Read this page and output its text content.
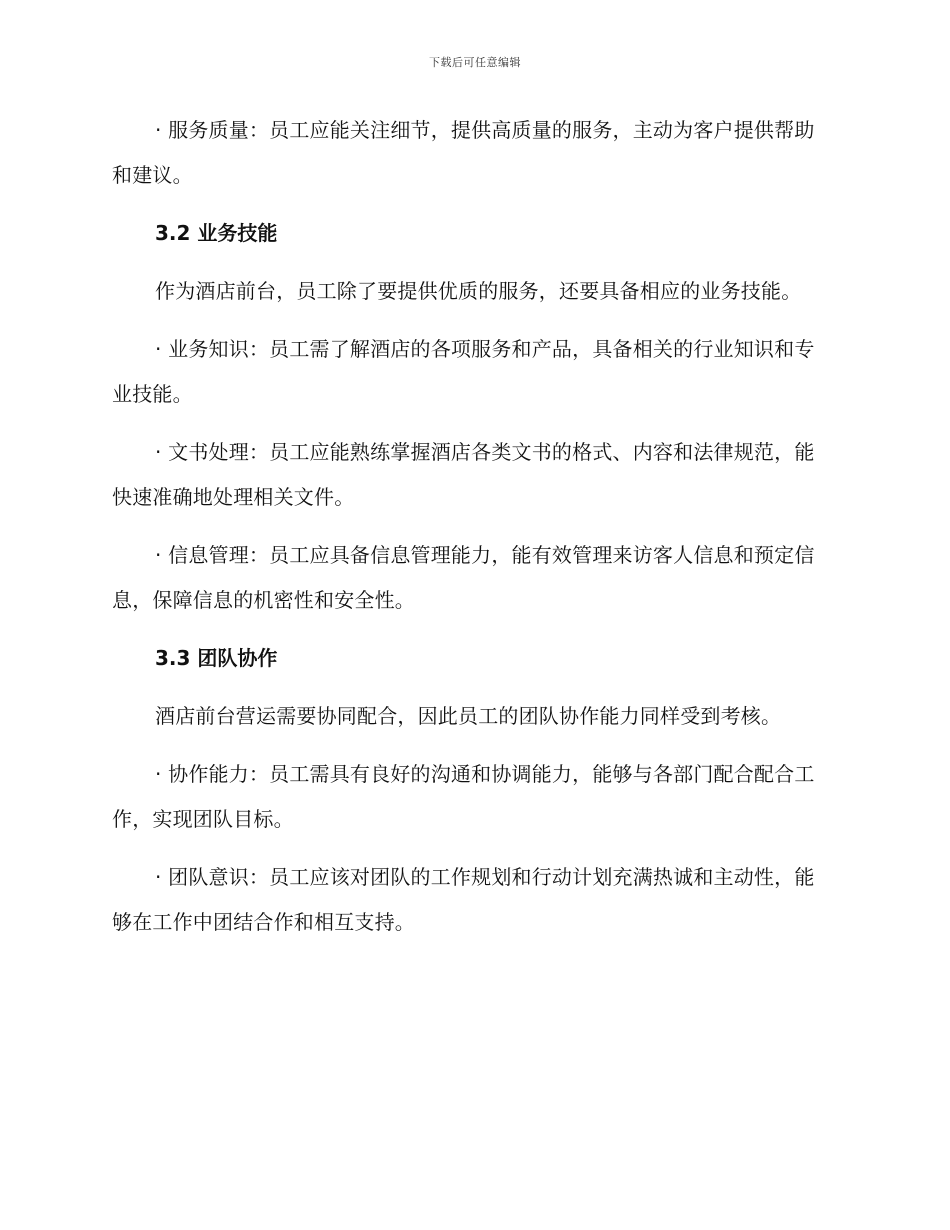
下载后可任意编辑

· 服务质量：员工应能关注细节，提供高质量的服务，主动为客户提供帮助和建议。

3.2 业务技能

作为酒店前台，员工除了要提供优质的服务，还要具备相应的业务技能。

· 业务知识：员工需了解酒店的各项服务和产品，具备相关的行业知识和专业技能。

· 文书处理：员工应能熟练掌握酒店各类文书的格式、内容和法律规范，能快速准确地处理相关文件。

· 信息管理：员工应具备信息管理能力，能有效管理来访客人信息和预定信息，保障信息的机密性和安全性。

3.3 团队协作

酒店前台营运需要协同配合，因此员工的团队协作能力同样受到考核。

· 协作能力：员工需具有良好的沟通和协调能力，能够与各部门配合配合工作，实现团队目标。

· 团队意识：员工应该对团队的工作规划和行动计划充满热诚和主动性，能够在工作中团结合作和相互支持。
